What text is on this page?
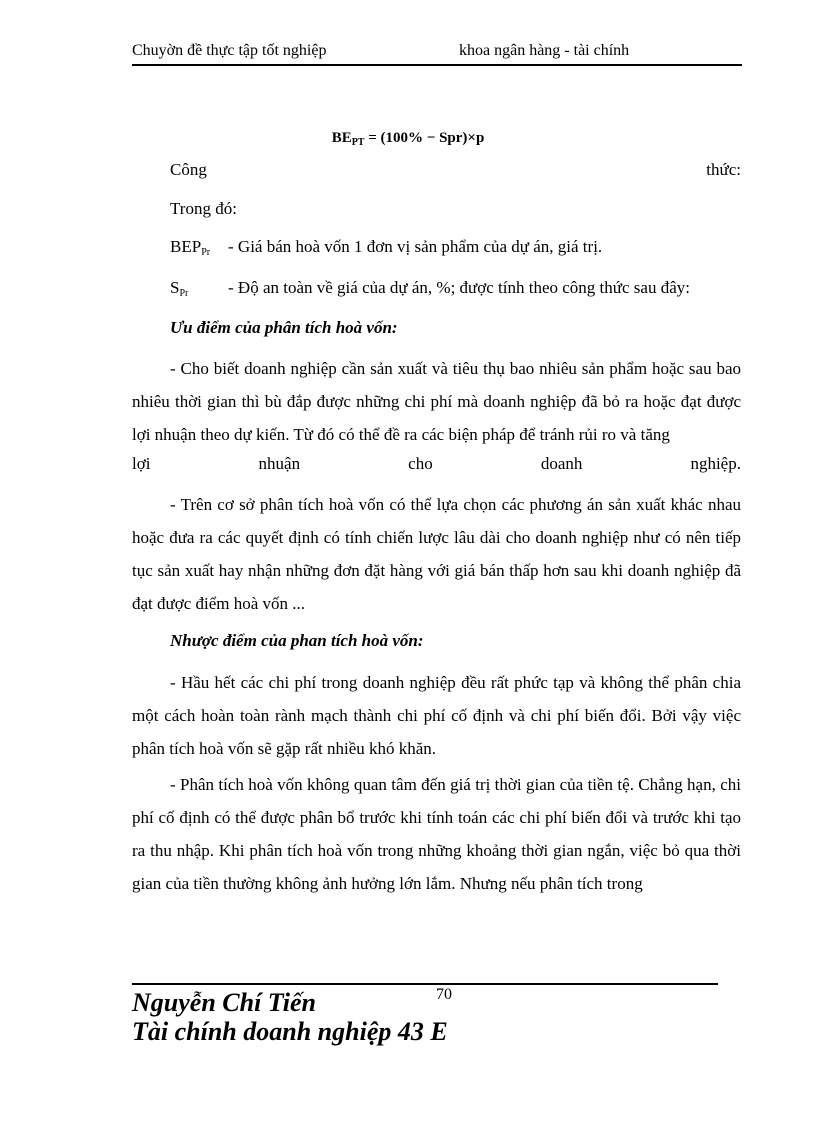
Chuyờn đề thực tập tốt nghiệp	khoa ngân hàng - tài chính
$BE_{PT} = (100\% - Spr)\times p$
Công	thức:
Trong đó:
$BEP_{Pr}$ - Giá bán hoà vốn 1 đơn vị sản phẩm của dự án, giá trị.
$S_{Pr}$ - Độ an toàn về giá của dự án, %; được tính theo công thức sau đây:
Ưu điểm của phân tích hoà vốn:

- Cho biết doanh nghiệp cần sản xuất và tiêu thụ bao nhiêu sản phẩm hoặc sau bao nhiêu thời gian thì bù đắp được những chi phí mà doanh nghiệp đã bỏ ra hoặc đạt được lợi nhuận theo dự kiến. Từ đó có thể đề ra các biện pháp để tránh rủi ro và tăng

lợi	nhuận	cho	doanh	nghiệp.

- Trên cơ sở phân tích hoà vốn có thể lựa chọn các phương án sản xuất khác nhau hoặc đưa ra các quyết định có tính chiến lược lâu dài cho doanh nghiệp như có nên tiếp tục sản xuất hay nhận những đơn đặt hàng với giá bán thấp hơn sau khi doanh nghiệp đã đạt được điểm hoà vốn ...

Nhược điểm của phan tích hoà vốn:

- Hầu hết các chi phí trong doanh nghiệp đều rất phức tạp và không thể phân chia một cách hoàn toàn rành mạch thành chi phí cố định và chi phí biến đổi. Bởi vậy việc phân tích hoà vốn sẽ gặp rất nhiều khó khăn.

- Phân tích hoà vốn không quan tâm đến giá trị thời gian của tiền tệ. Chẳng hạn, chi phí cố định có thể được phân bổ trước khi tính toán các chi phí biến đổi và trước khi tạo ra thu nhập. Khi phân tích hoà vốn trong những khoảng thời gian ngắn, việc bỏ qua thời gian của tiền thường không ảnh hưởng lớn lắm. Nhưng nếu phân tích trong

70
Nguyễn Chí Tiến
Tài chính doanh nghiệp 43 E
